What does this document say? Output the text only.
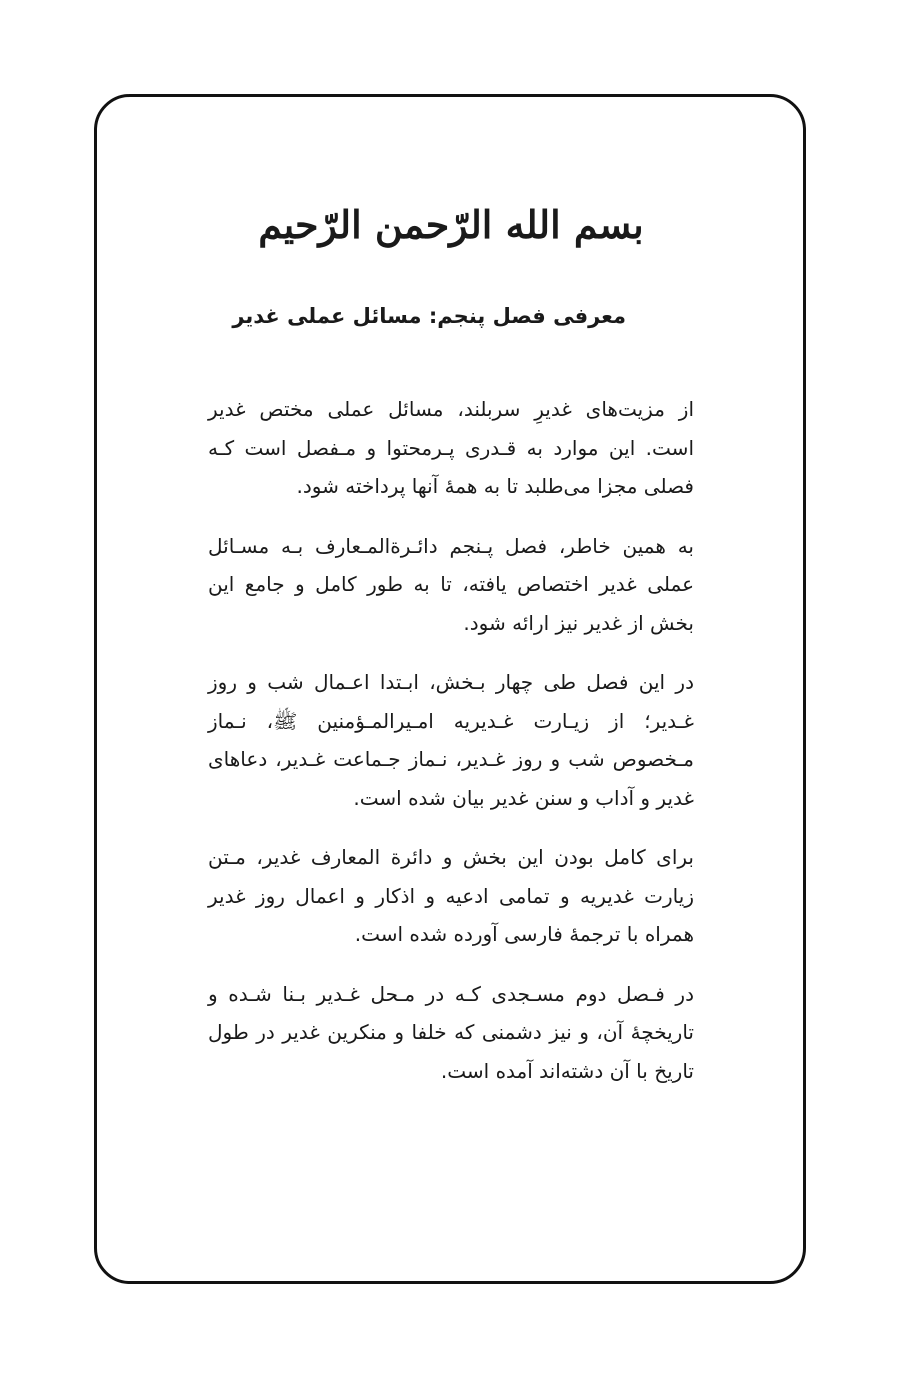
بسم الله الرّحمن الرّحيم
معرفی فصل پنجم: مسائل عملی غدیر

از مزیت‌های غدیرِ سربلند، مسائل عملی مختص غدیر است. این موارد به قـدری پـرمحتوا و مـفصل است کـه فصلی مجزا می‌طلبد تا به همهٔ آنها پرداخته شود.

به همین خاطر، فصل پـنجم دائـرة‌المـعارف بـه مسـائل عملی غدیر اختصاص یافته، تا به طور کامل و جامع این بخش از غدیر نیز ارائه شود.

در این فصل طی چهار بـخش، ابـتدا اعـمال شب و روز غـدیر؛ از زیـارت غـدیریه امـیرالمـؤمنین ﷺ، نـماز مـخصوص شب و روز غـدیر، نـماز جـماعت غـدیر، دعاهای غدیر و آداب و سنن غدیر بیان شده است.

برای کامل بودن این بخش و دائرة المعارف غدیر، مـتن زیارت غدیریه و تمامی ادعیه و اذکار و اعمال روز غدیر همراه با ترجمهٔ فارسی آورده شده است.

در فـصل دوم مسـجدی کـه در مـحل غـدیر بـنا شـده و تاریخچهٔ آن، و نیز دشمنی که خلفا و منکرین غدیر در طول تاریخ با آن دشته‌اند آمده است.
